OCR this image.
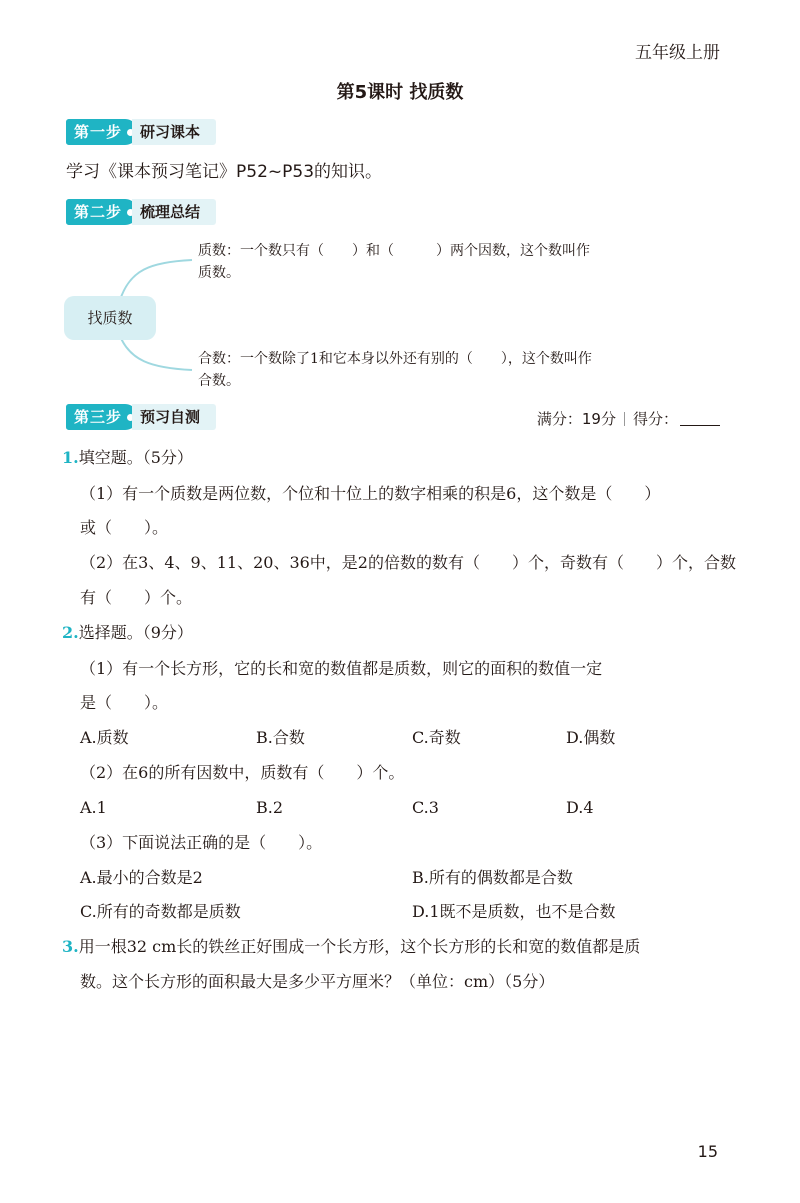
五年级上册
第5课时 找质数
第一步	研习课本
学习《课本预习笔记》P52~P53的知识。
第二步	梳理总结
找质数
质数：一个数只有（　　）和（　　　）两个因数，这个数叫作
质数。
合数：一个数除了1和它本身以外还有别的（　　），这个数叫作
合数。
第三步	预习自测	满分：19分 得分：
1.填空题。（5分）
（1）有一个质数是两位数，个位和十位上的数字相乘的积是6，这个数是（　　）
或（　　）。
（2）在3、4、9、11、20、36中，是2的倍数的数有（　　）个，奇数有（　　）个，合数
有（　　）个。
2.选择题。（9分）
（1）有一个长方形，它的长和宽的数值都是质数，则它的面积的数值一定
是（　　）。
A.质数	B.合数	C.奇数	D.偶数
（2）在6的所有因数中，质数有（　　）个。
A.1	B.2	C.3	D.4
（3）下面说法正确的是（　　）。
A.最小的合数是2	B.所有的偶数都是合数
C.所有的奇数都是质数	D.1既不是质数，也不是合数
3.用一根32 cm长的铁丝正好围成一个长方形，这个长方形的长和宽的数值都是质
数。这个长方形的面积最大是多少平方厘米？（单位：cm）（5分）
15
